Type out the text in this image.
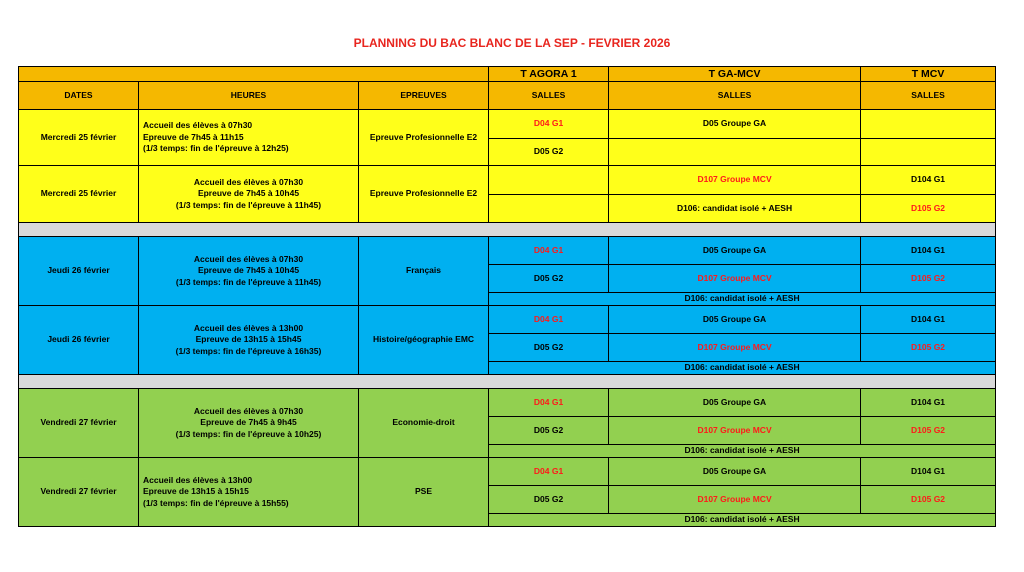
PLANNING DU BAC BLANC DE LA SEP - FEVRIER 2026
			T AGORA 1	T GA-MCV	T MCV
DATES	HEURES	EPREUVES	SALLES	SALLES	SALLES
Mercredi 25 février	Accueil des élèves à 07h30
Epreuve de 7h45 à 11h15
(1/3 temps: fin de l'épreuve à 12h25)	Epreuve Profesionnelle E2	D04 G1	D05 Groupe GA	
			D05 G2		
Mercredi 25 février	Accueil des élèves à 07h30
Epreuve de 7h45 à 10h45
(1/3 temps: fin de l'épreuve à 11h45)	Epreuve Profesionnelle E2		D107 Groupe MCV	D104 G1
				D106: candidat isolé + AESH	D105 G2

Jeudi 26 février	Accueil des élèves à 07h30
Epreuve de 7h45 à 10h45
(1/3 temps: fin de l'épreuve à 11h45)	Français	D04 G1	D05 Groupe GA	D104 G1
			D05 G2	D107 Groupe MCV	D105 G2
			D106: candidat isolé + AESH		
Jeudi 26 février	Accueil des élèves à 13h00
Epreuve de 13h15 à 15h45
(1/3 temps: fin de l'épreuve à 16h35)	Histoire/géographie EMC	D04 G1	D05 Groupe GA	D104 G1
			D05 G2	D107 Groupe MCV	D105 G2
			D106: candidat isolé + AESH		

Vendredi 27 février	Accueil des élèves à 07h30
Epreuve de 7h45 à 9h45
(1/3 temps: fin de l'épreuve à 10h25)	Economie-droit	D04 G1	D05 Groupe GA	D104 G1
			D05 G2	D107 Groupe MCV	D105 G2
			D106: candidat isolé + AESH		
Vendredi 27 février	Accueil des élèves à 13h00
Epreuve de 13h15 à 15h15
(1/3 temps: fin de l'épreuve à 15h55)	PSE	D04 G1	D05 Groupe GA	D104 G1
			D05 G2	D107 Groupe MCV	D105 G2
			D106: candidat isolé + AESH		
